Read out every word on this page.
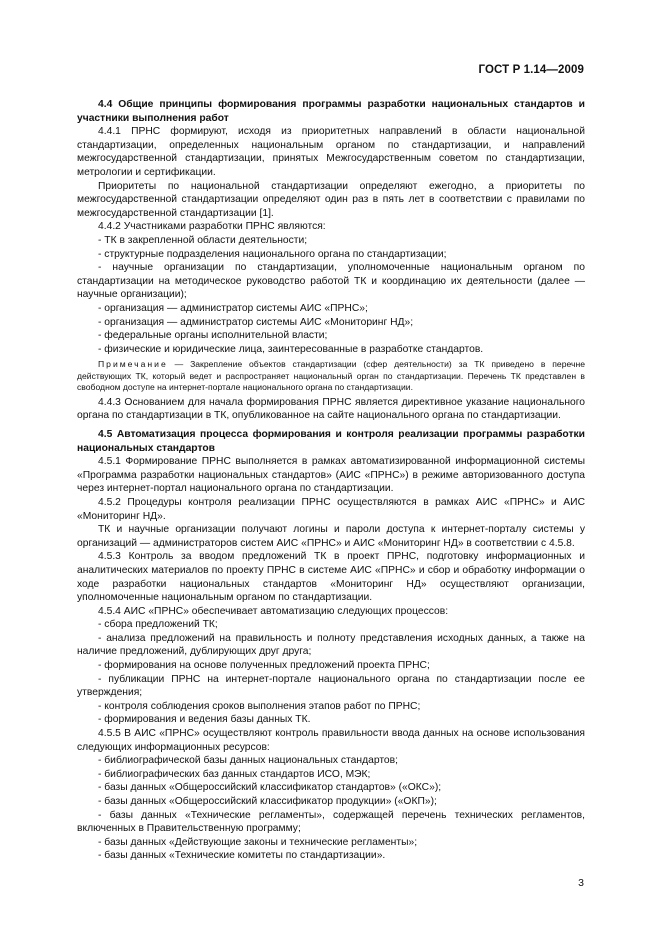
ГОСТ Р 1.14—2009

4.4 Общие принципы формирования программы разработки национальных стандартов и участники выполнения работ

4.4.1 ПРНС формируют, исходя из приоритетных направлений в области национальной стандартизации, определенных национальным органом по стандартизации, и направлений межгосударственной стандартизации, принятых Межгосударственным советом по стандартизации, метрологии и сертификации.

Приоритеты по национальной стандартизации определяют ежегодно, а приоритеты по межгосударственной стандартизации определяют один раз в пять лет в соответствии с правилами по межгосударственной стандартизации [1].

4.4.2 Участниками разработки ПРНС являются:

- ТК в закрепленной области деятельности;

- структурные подразделения национального органа по стандартизации;

- научные организации по стандартизации, уполномоченные национальным органом по стандартизации на методическое руководство работой ТК и координацию их деятельности (далее — научные организации);

- организация — администратор системы АИС «ПРНС»;

- организация — администратор системы АИС «Мониторинг НД»;

- федеральные органы исполнительной власти;

- физические и юридические лица, заинтересованные в разработке стандартов.

Примечание — Закрепление объектов стандартизации (сфер деятельности) за ТК приведено в перечне действующих ТК, который ведет и распространяет национальный орган по стандартизации. Перечень ТК представлен в свободном доступе на интернет-портале национального органа по стандартизации.

4.4.3 Основанием для начала формирования ПРНС является директивное указание национального органа по стандартизации в ТК, опубликованное на сайте национального органа по стандартизации.

4.5 Автоматизация процесса формирования и контроля реализации программы разработки национальных стандартов

4.5.1 Формирование ПРНС выполняется в рамках автоматизированной информационной системы «Программа разработки национальных стандартов» (АИС «ПРНС») в режиме авторизованного доступа через интернет-портал национального органа по стандартизации.

4.5.2 Процедуры контроля реализации ПРНС осуществляются в рамках АИС «ПРНС» и АИС «Мониторинг НД».

ТК и научные организации получают логины и пароли доступа к интернет-порталу системы у организаций — администраторов систем АИС «ПРНС» и АИС «Мониторинг НД» в соответствии с 4.5.8.

4.5.3 Контроль за вводом предложений ТК в проект ПРНС, подготовку информационных и аналитических материалов по проекту ПРНС в системе АИС «ПРНС» и сбор и обработку информации о ходе разработки национальных стандартов «Мониторинг НД» осуществляют организации, уполномоченные национальным органом по стандартизации.

4.5.4 АИС «ПРНС» обеспечивает автоматизацию следующих процессов:

- сбора предложений ТК;

- анализа предложений на правильность и полноту представления исходных данных, а также на наличие предложений, дублирующих друг друга;

- формирования на основе полученных предложений проекта ПРНС;

- публикации ПРНС на интернет-портале национального органа по стандартизации после ее утверждения;

- контроля соблюдения сроков выполнения этапов работ по ПРНС;

- формирования и ведения базы данных ТК.

4.5.5 В АИС «ПРНС» осуществляют контроль правильности ввода данных на основе использования следующих информационных ресурсов:

- библиографической базы данных национальных стандартов;

- библиографических баз данных стандартов ИСО, МЭК;

- базы данных «Общероссийский классификатор стандартов» («ОКС»);

- базы данных «Общероссийский классификатор продукции» («ОКП»);

- базы данных «Технические регламенты», содержащей перечень технических регламентов, включенных в Правительственную программу;

- базы данных «Действующие законы и технические регламенты»;

- базы данных «Технические комитеты по стандартизации».

3
